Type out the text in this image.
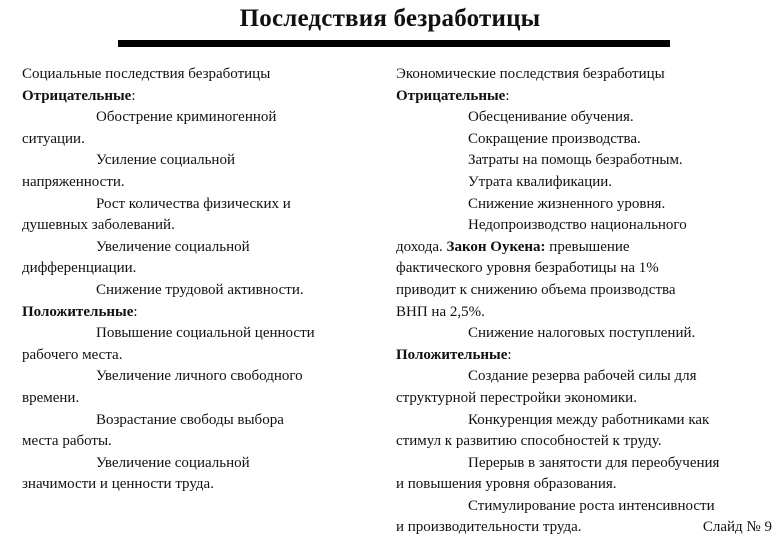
Последствия безработицы
Социальные последствия безработицы
Отрицательные:
Обострение криминогенной
ситуации.
Усиление социальной
напряженности.
Рост количества физических и
душевных заболеваний.
Увеличение социальной
дифференциации.
Снижение трудовой активности.
Положительные:
Повышение социальной ценности
рабочего места.
Увеличение личного свободного
времени.
Возрастание свободы выбора
места работы.
Увеличение социальной
значимости и ценности труда.
Экономические последствия безработицы
Отрицательные:
Обесценивание обучения.
Сокращение производства.
Затраты на помощь безработным.
Утрата квалификации.
Снижение жизненного уровня.
Недопроизводство национального
дохода. Закон Оукена: превышение
фактического уровня безработицы на 1%
приводит к снижению объема производства
ВНП на 2,5%.
Снижение налоговых поступлений.
Положительные:
Создание резерва рабочей силы для
структурной перестройки экономики.
Конкуренция между работниками как
стимул к развитию способностей к труду.
Перерыв в занятости для переобучения
и повышения уровня образования.
Стимулирование роста интенсивности
и производительности труда.	Слайд № 9
